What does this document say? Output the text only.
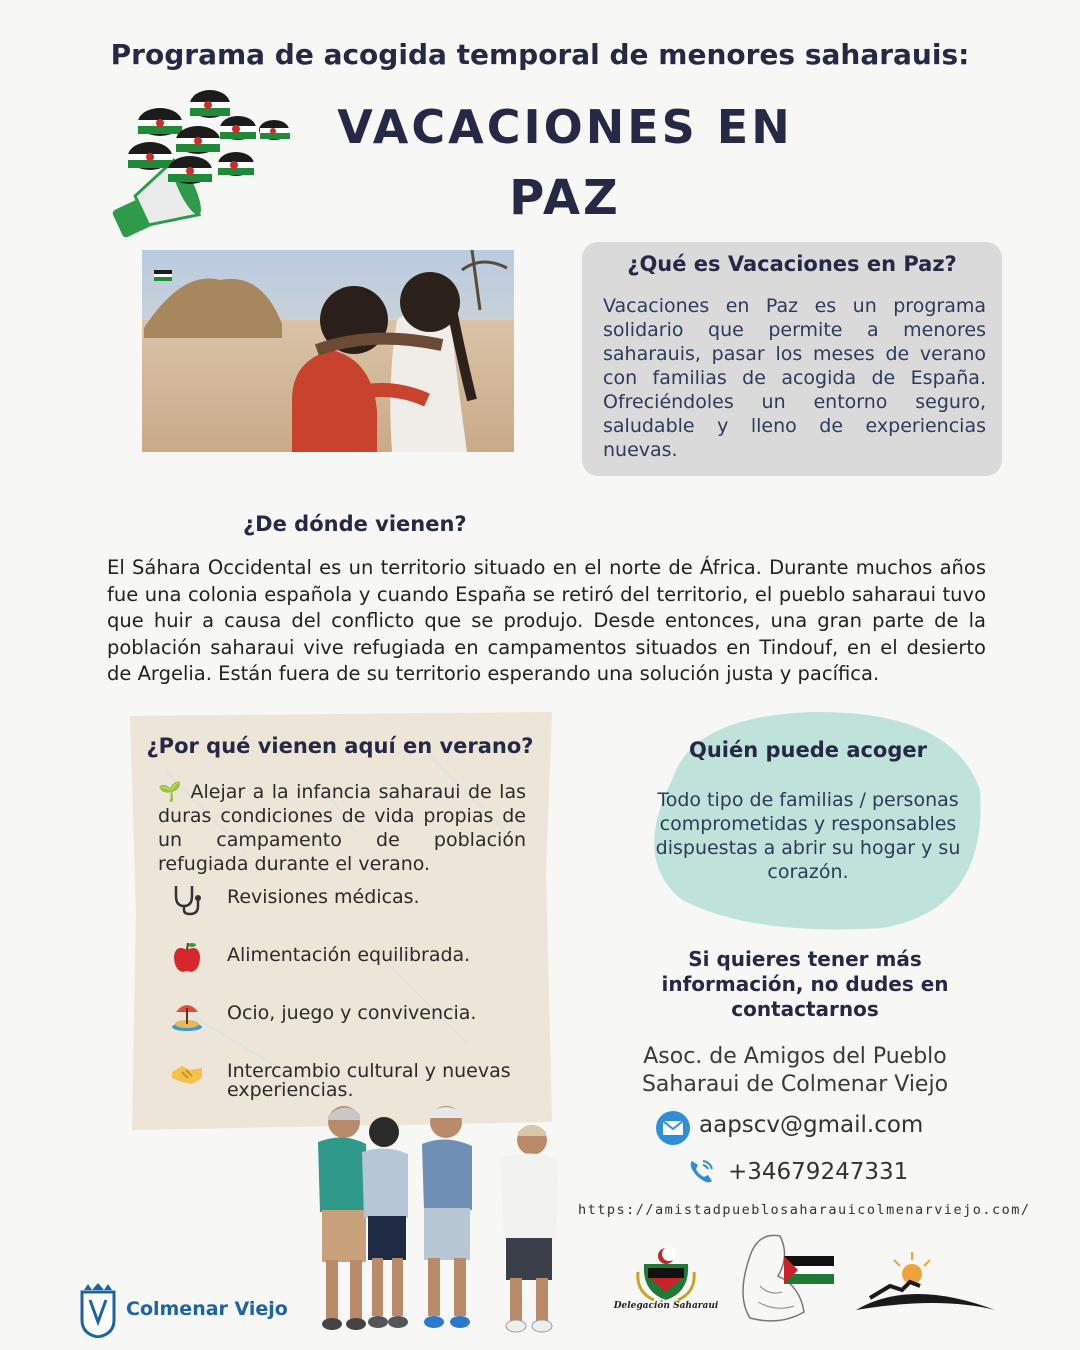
Programa de acogida temporal de menores saharauis:
VACACIONES EN
PAZ
¿Qué es Vacaciones en Paz?
Vacaciones en Paz es un programa solidario que permite a menores saharauis, pasar los meses de verano con familias de acogida de España. Ofreciéndoles un entorno seguro, saludable y lleno de experiencias nuevas.
¿De dónde vienen?
El Sáhara Occidental es un territorio situado en el norte de África. Durante muchos años fue una colonia española y cuando España se retiró del territorio, el pueblo saharaui tuvo que huir a causa del conflicto que se produjo. Desde entonces, una gran parte de la población saharaui vive refugiada en campamentos situados en Tindouf, en el desierto de Argelia. Están fuera de su territorio esperando una solución justa y pacífica.
¿Por qué vienen aquí en verano?
🌱 Alejar a la infancia saharaui de las duras condiciones de vida propias de un campamento de población refugiada durante el verano.
Revisiones médicas.
Alimentación equilibrada.
Ocio, juego y convivencia.
Intercambio cultural y nuevas experiencias.
Quién puede acoger
Todo tipo de familias / personas comprometidas y responsables dispuestas a abrir su hogar y su corazón.
Si quieres tener más información, no dudes en contactarnos
Asoc. de Amigos del Pueblo Saharaui de Colmenar Viejo
aapscv@gmail.com
+34679247331
https://amistadpueblosaharauicolmenarviejo.com/
Colmenar Viejo	Delegación Saharaui
